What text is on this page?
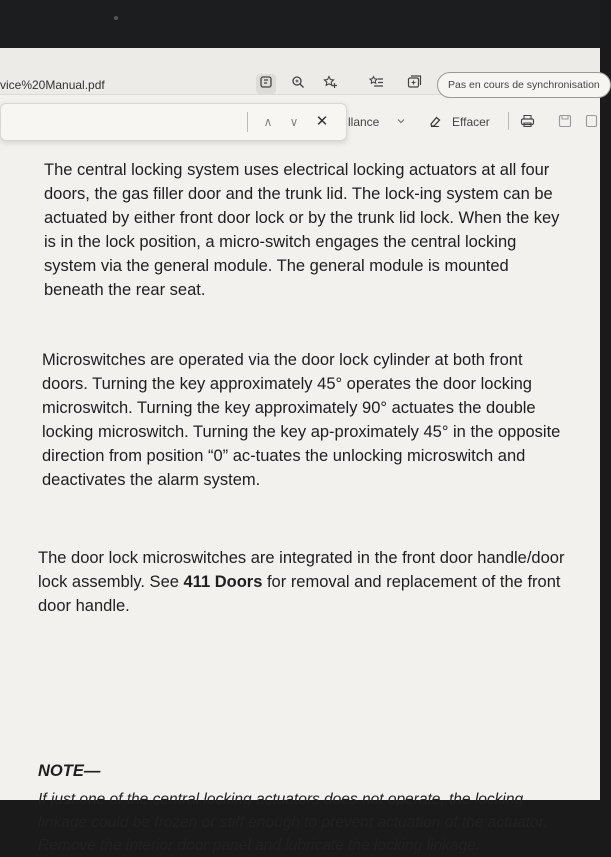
vice%20Manual.pdf	Pas en cours de synchronisation
∧	∨	✕ llance	Effacer

The central locking system uses electrical locking actuators at all four doors, the gas filler door and the trunk lid. The lock-ing system can be actuated by either front door lock or by the trunk lid lock. When the key is in the lock position, a micro-switch engages the central locking system via the general module. The general module is mounted beneath the rear seat.

Microswitches are operated via the door lock cylinder at both front doors. Turning the key approximately 45° operates the door locking microswitch. Turning the key approximately 90° actuates the double locking microswitch. Turning the key ap-proximately 45° in the opposite direction from position “0” ac-tuates the unlocking microswitch and deactivates the alarm system.

The door lock microswitches are integrated in the front door handle/door lock assembly. See 411 Doors for removal and replacement of the front door handle.

NOTE—

If just one of the central locking actuators does not operate, the locking linkage could be frozen or stiff enough to prevent actuation of the actuator. Remove the interior door panel and lubricate the locking linkage.
